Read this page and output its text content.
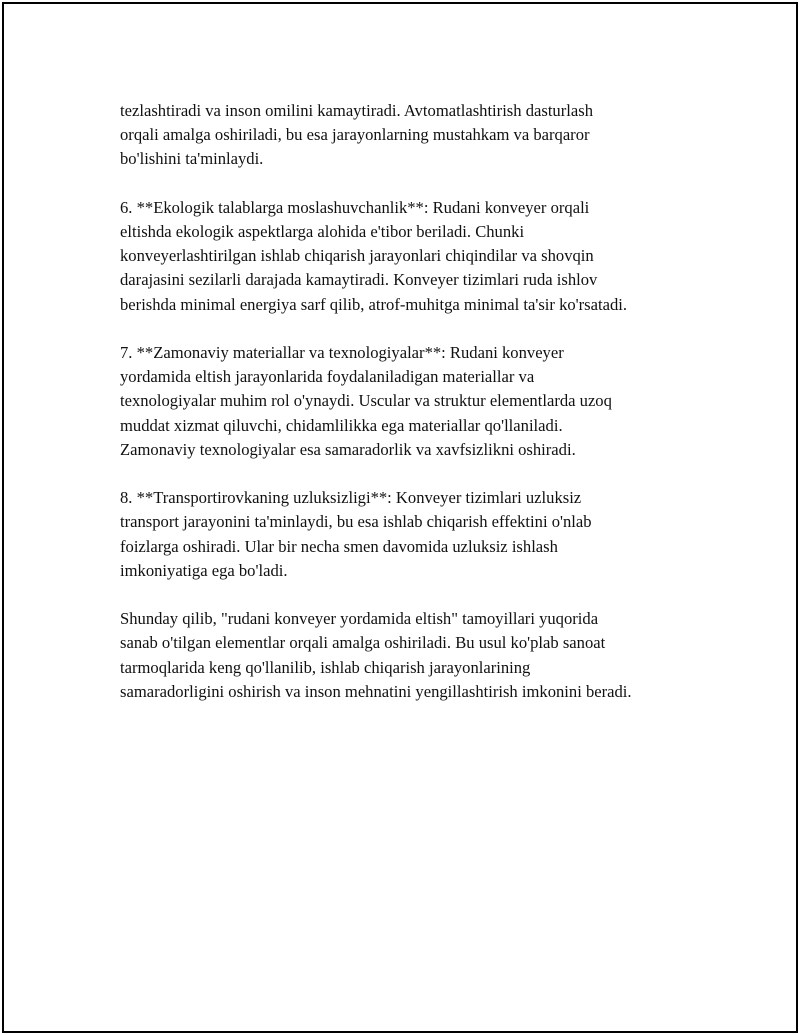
tezlashtiradi va inson omilini kamaytiradi. Avtomatlashtirish dasturlash
orqali amalga oshiriladi, bu esa jarayonlarning mustahkam va barqaror
bo'lishini ta'minlaydi.

6. **Ekologik talablarga moslashuvchanlik**: Rudani konveyer orqali
eltishda ekologik aspektlarga alohida e'tibor beriladi. Chunki
konveyerlashtirilgan ishlab chiqarish jarayonlari chiqindilar va shovqin
darajasini sezilarli darajada kamaytiradi. Konveyer tizimlari ruda ishlov
berishda minimal energiya sarf qilib, atrof-muhitga minimal ta'sir ko'rsatadi.

7. **Zamonaviy materiallar va texnologiyalar**: Rudani konveyer
yordamida eltish jarayonlarida foydalaniladigan materiallar va
texnologiyalar muhim rol o'ynaydi. Uscular va struktur elementlarda uzoq
muddat xizmat qiluvchi, chidamlilikka ega materiallar qo'llaniladi.
Zamonaviy texnologiyalar esa samaradorlik va xavfsizlikni oshiradi.

8. **Transportirovkaning uzluksizligi**: Konveyer tizimlari uzluksiz
transport jarayonini ta'minlaydi, bu esa ishlab chiqarish effektini o'nlab
foizlarga oshiradi. Ular bir necha smen davomida uzluksiz ishlash
imkoniyatiga ega bo'ladi.

Shunday qilib, "rudani konveyer yordamida eltish" tamoyillari yuqorida
sanab o'tilgan elementlar orqali amalga oshiriladi. Bu usul ko'plab sanoat
tarmoqlarida keng qo'llanilib, ishlab chiqarish jarayonlarining
samaradorligini oshirish va inson mehnatini yengillashtirish imkonini beradi.
